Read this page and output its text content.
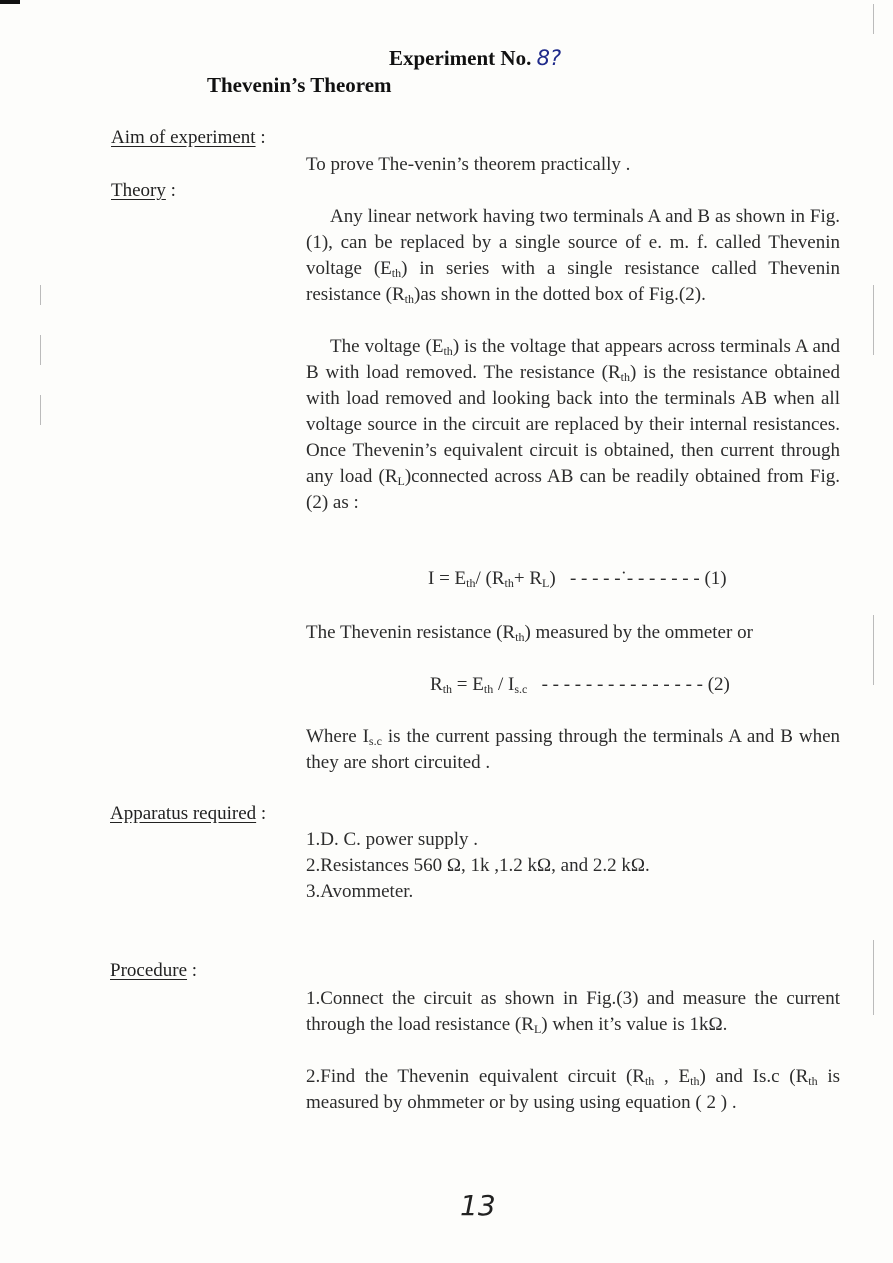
Experiment No. 8?
Thevenin’s Theorem
Aim of experiment :
To prove The-venin’s theorem practically .
Theory :
Any linear network having two terminals A and B as shown in Fig. (1), can be replaced by a single source of e. m. f. called Thevenin voltage $(E_{th})$ in series with a single resistance called Thevenin resistance $(R_{th})as$ shown in the dotted box of Fig.(2).
The voltage $(E_{th})$ is the voltage that appears across terminals A and B with load removed. The resistance $(R_{th})$ is the resistance obtained with load removed and looking back into the terminals AB when all voltage source in the circuit are replaced by their internal resistances. Once Thevenin’s equivalent circuit is obtained, then current through any load $(R_L)connected$ across AB can be readily obtained from Fig.(2) as :
$I = E_{th}/$ $(R_{th}+ R_L)$ - - - - -˙- - - - - - - (1)
The Thevenin resistance $(R_{th})$ measured by the ommeter or
$R_{th} = E_{th} / I_{s.c}$ - - - - - - - - - - - - - - - (2)
Where $I_{s.c}$ is the current passing through the terminals A and B when they are short circuited .
Apparatus required :
1.D. C. power supply .
2.Resistances 560 Ω, 1k ,1.2 kΩ, and 2.2 kΩ.
3.Avommeter.
Procedure :
1.Connect the circuit as shown in Fig.(3) and measure the current through the load resistance $(R_L)$ when it’s value is 1kΩ.
2.Find the Thevenin equivalent circuit ($R_{th}$ , $E_{th}$) and Is.c ($R_{th}$ is measured by ohmmeter or by using using equation ( 2 ) .
13
